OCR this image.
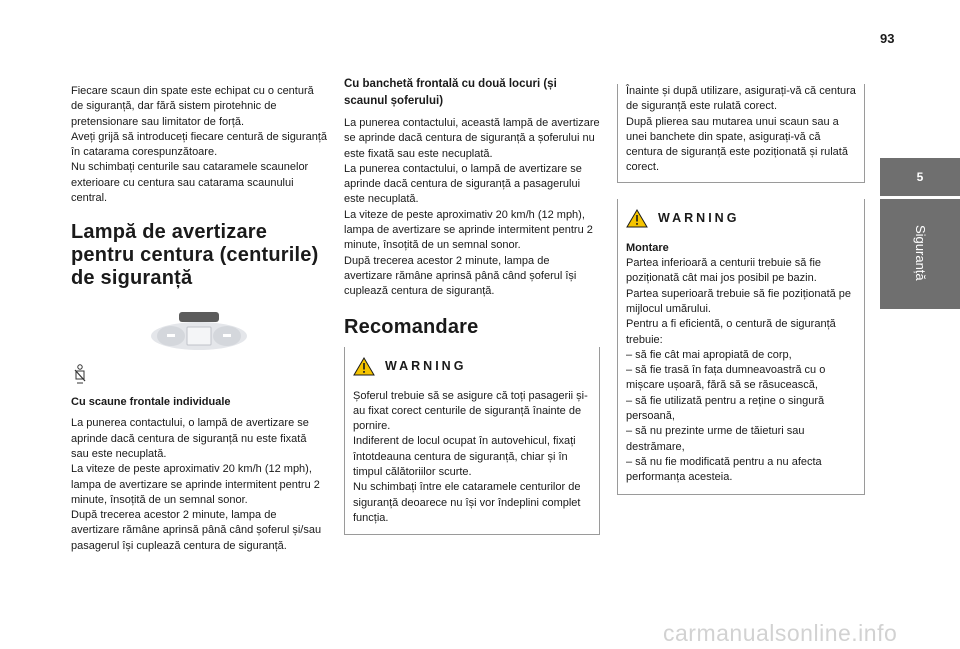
93
5
Siguranță

Fiecare scaun din spate este echipat cu o centură de siguranță, dar fără sistem pirotehnic de pretensionare sau limitator de forță.

Aveți grijă să introduceți fiecare centură de siguranță în catarama corespunzătoare.

Nu schimbați centurile sau cataramele scaunelor exterioare cu centura sau catarama scaunului central.

Lampă de avertizare pentru centura (centurile) de siguranță
Cu scaune frontale individuale

La punerea contactului, o lampă de avertizare se aprinde dacă centura de siguranță nu este fixată sau este necuplată.

La viteze de peste aproximativ 20 km/h (12 mph), lampa de avertizare se aprinde intermitent pentru 2 minute, însoțită de un semnal sonor.

După trecerea acestor 2 minute, lampa de avertizare rămâne aprinsă până când șoferul și/sau pasagerul își cuplează centura de siguranță.

Cu banchetă frontală cu două locuri (și scaunul șoferului)

La punerea contactului, această lampă de avertizare se aprinde dacă centura de siguranță a șoferului nu este fixată sau este necuplată.

La punerea contactului, o lampă de avertizare se aprinde dacă centura de siguranță a pasagerului este necuplată.

La viteze de peste aproximativ 20 km/h (12 mph), lampa de avertizare se aprinde intermitent pentru 2 minute, însoțită de un semnal sonor.

După trecerea acestor 2 minute, lampa de avertizare rămâne aprinsă până când șoferul își cuplează centura de siguranță.

Recomandare
WARNING

Șoferul trebuie să se asigure că toți pasagerii și-au fixat corect centurile de siguranță înainte de pornire.

Indiferent de locul ocupat în autovehicul, fixați întotdeauna centura de siguranță, chiar și în timpul călătoriilor scurte.

Nu schimbați între ele cataramele centurilor de siguranță deoarece nu își vor îndeplini complet funcția.

Înainte și după utilizare, asigurați-vă că centura de siguranță este rulată corect.

După plierea sau mutarea unui scaun sau a unei banchete din spate, asigurați-vă că centura de siguranță este poziționată și rulată corect.

WARNING

Montare

Partea inferioară a centurii trebuie să fie poziționată cât mai jos posibil pe bazin.

Partea superioară trebuie să fie poziționată pe mijlocul umărului.

Pentru a fi eficientă, o centură de siguranță trebuie:

– să fie cât mai apropiată de corp,

– să fie trasă în fața dumneavoastră cu o mișcare ușoară, fără să se răsucească,

– să fie utilizată pentru a reține o singură persoană,

– să nu prezinte urme de tăieturi sau destrămare,

– să nu fie modificată pentru a nu afecta performanța acesteia.

carmanualsonline.info
